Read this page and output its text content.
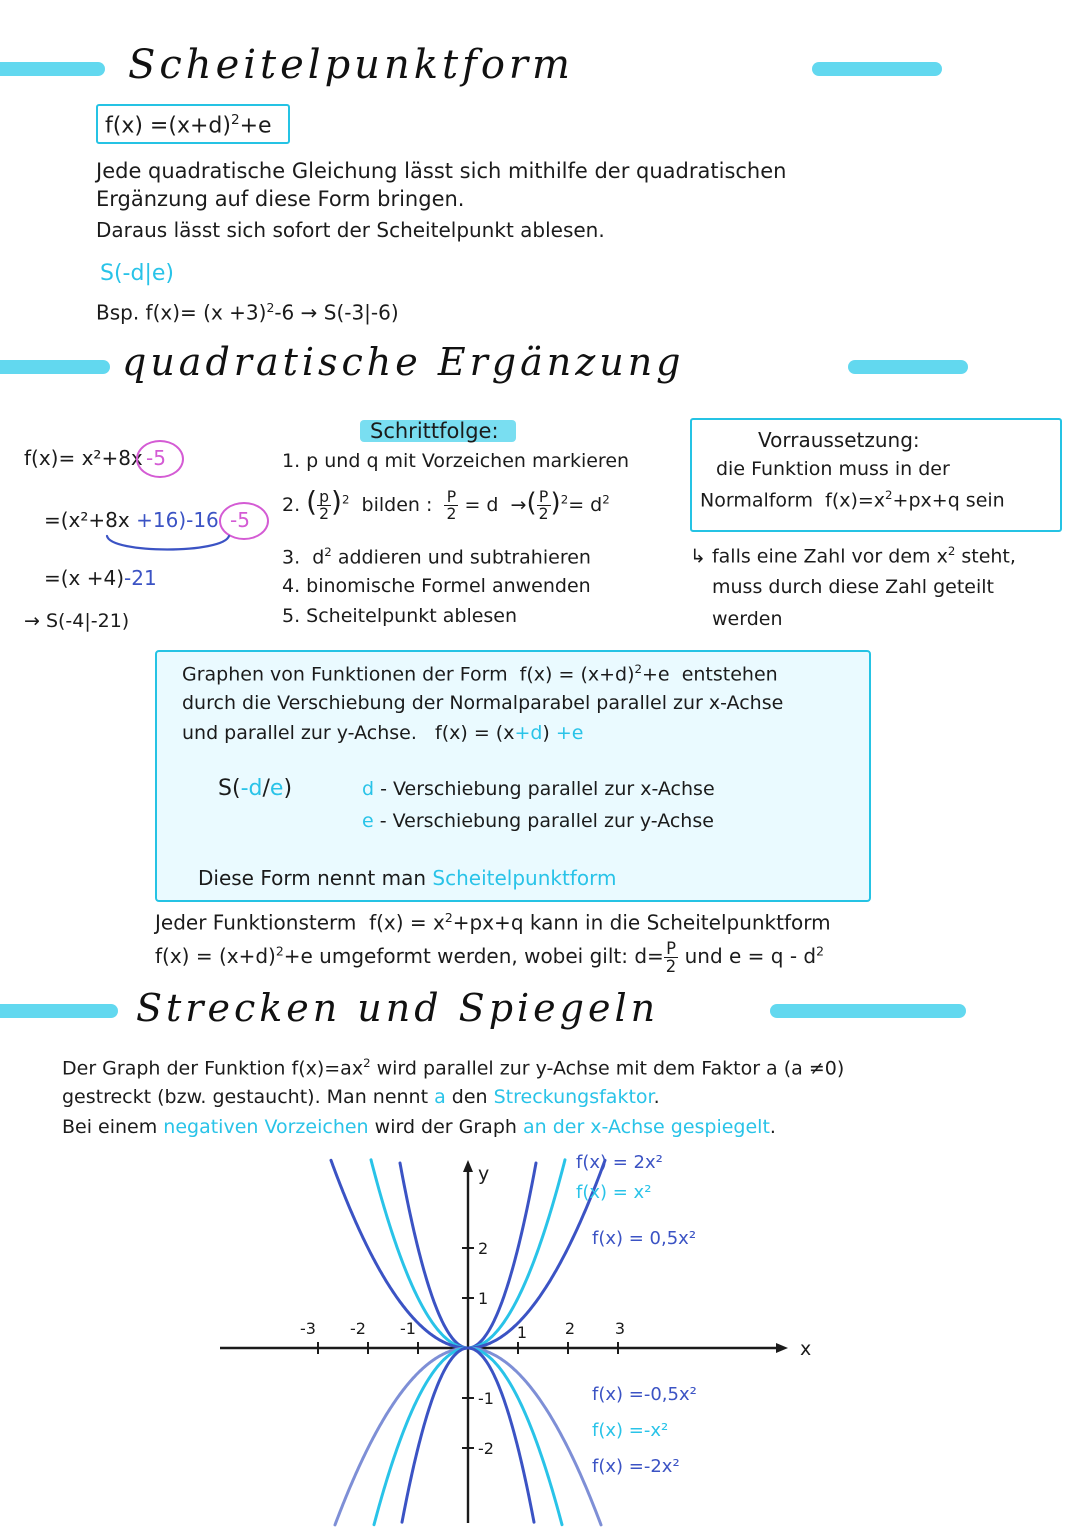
Scheitelpunktform
$f(x) =(x+d)^2+e$
Jede quadratische Gleichung lässt sich mithilfe der quadratischen
Ergänzung auf diese Form bringen.
Daraus lässt sich sofort der Scheitelpunkt ablesen.
S(-d|e)
Bsp. $f(x)= (x +3)^2-6 \to S(-3|-6)$
quadratische Ergänzung
f(x)= x²+8x -5
=(x²+8x +16)-16 -5
=(x +4)-21
→ S(-4|-21)
Schrittfolge:
1. p und q mit Vorzeichen markieren
2. ( $\frac{p}{2} )^2$  bilden : $\frac{P}{2} = d$  →( $\frac{P}{2} )^2= d^2$
3.  $d^2$ addieren und subtrahieren
4. binomische Formel anwenden
5. Scheitelpunkt ablesen
Vorraussetzung:
die Funktion muss in der
Normalform  $f(x)=x^2+px+q$ sein
↳ falls eine Zahl vor dem $x^2$ steht,
muss durch diese Zahl geteilt
werden
Graphen von Funktionen der Form  $f(x) = (x+d)^2+e$  entstehen
durch die Verschiebung der Normalparabel parallel zur x-Achse
und parallel zur y-Achse.   f(x) = (x+d) +e
S(-d/e)	d - Verschiebung parallel zur x-Achse
e - Verschiebung parallel zur y-Achse
Diese Form nennt man Scheitelpunktform
Jeder Funktionsterm  $f(x) = x^2+px+q$ kann in die Scheitelpunktform
$f(x) = (x+d)^2+e$ umgeformt werden, wobei gilt: $d= \frac{P}{2}$ und $e = q - d^2$
Strecken und Spiegeln
Der Graph der Funktion $f(x)=ax^2$ wird parallel zur y-Achse mit dem Faktor a (a ≠0)
gestreckt (bzw. gestaucht). Man nennt a den Streckungsfaktor.
Bei einem negativen Vorzeichen wird der Graph an der x-Achse gespiegelt.
x
y
-3 -2 -1	1 2 3
2
1
-1
-2
f(x) = 2x²
f(x) = x²
f(x) = 0,5x²
f(x) =-0,5x²
f(x) =-x²
f(x) =-2x²
